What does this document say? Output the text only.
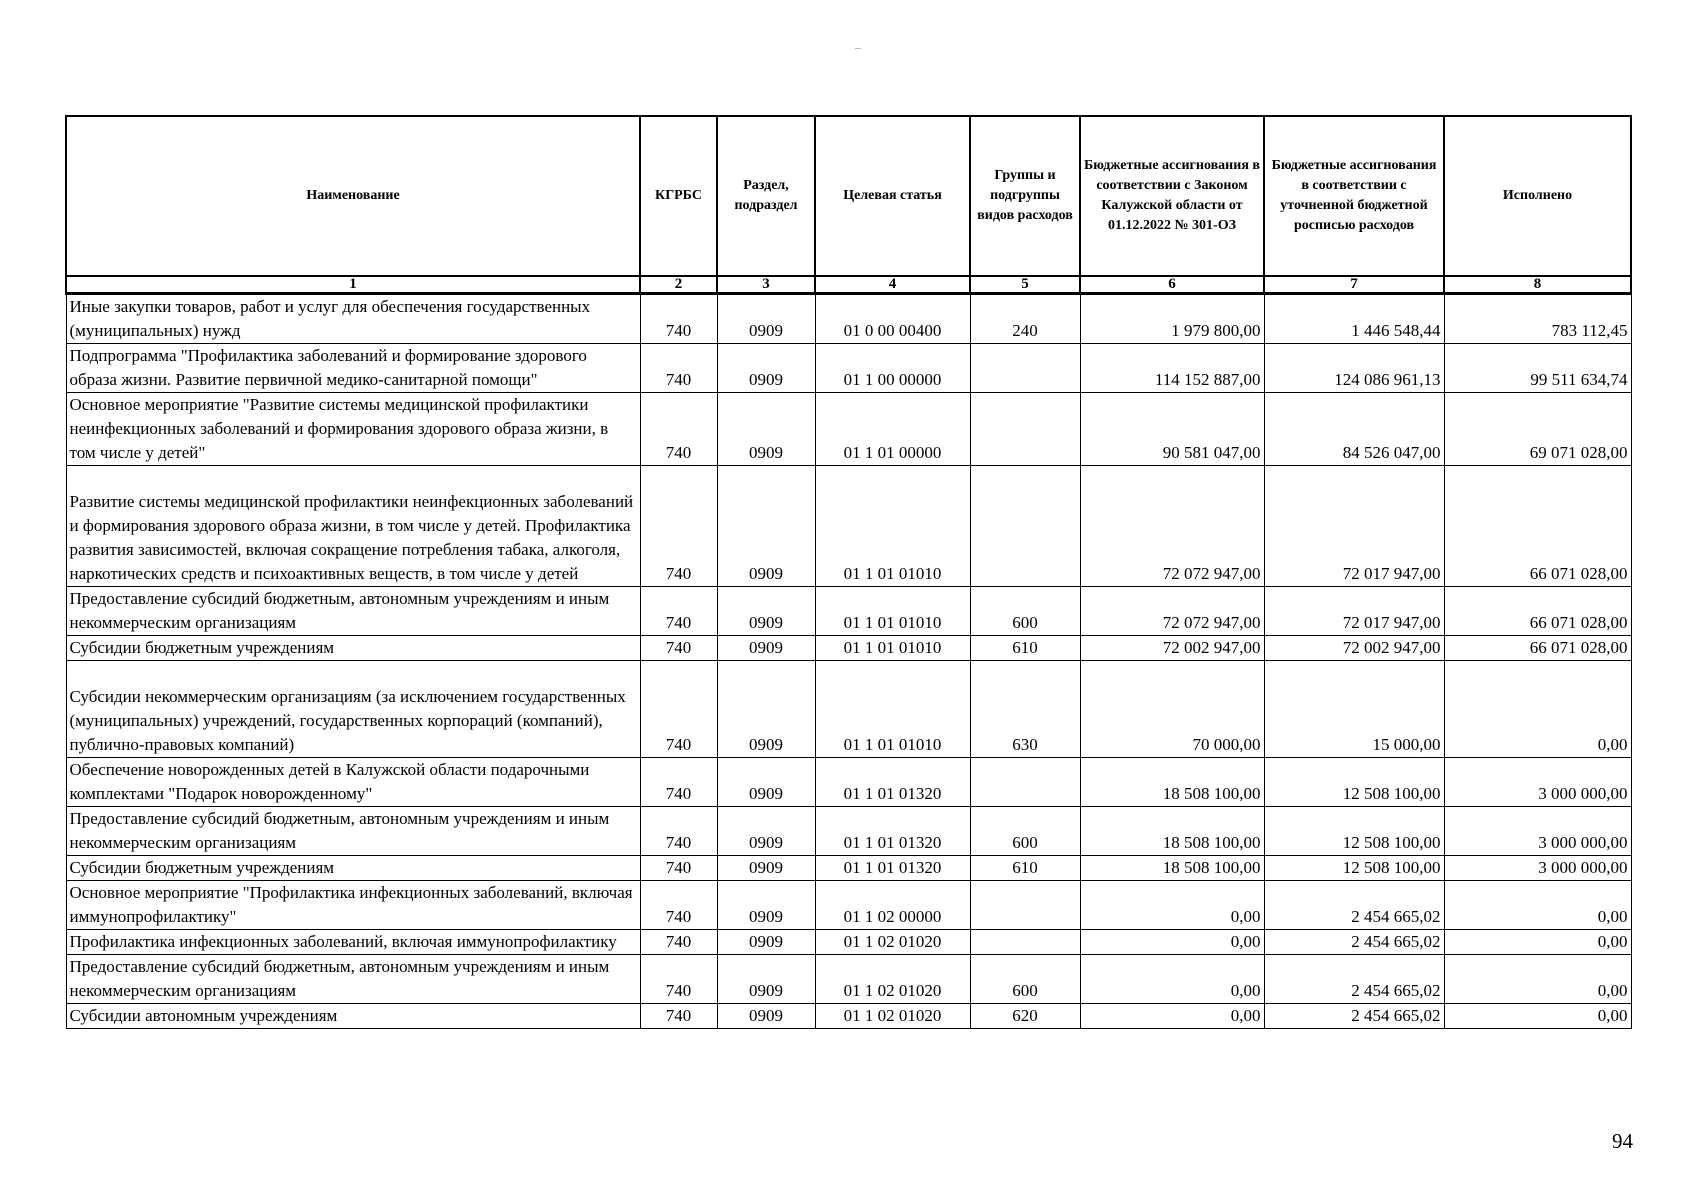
Наименование	КГРБС	Раздел, подраздел	Целевая статья	Группы и подгруппы видов расходов	Бюджетные ассигнования в соответствии с Законом Калужской области от 01.12.2022 № 301-ОЗ	Бюджетные ассигнования в соответствии с уточненной бюджетной росписью расходов	Исполнено
1	2	3	4	5	6	7	8
Иные закупки товаров, работ и услуг для обеспечения государственных (муниципальных) нужд	740	0909	01 0 00 00400	240	1 979 800,00	1 446 548,44	783 112,45
Подпрограмма "Профилактика заболеваний и формирование здорового образа жизни. Развитие первичной медико-санитарной помощи"	740	0909	01 1 00 00000		114 152 887,00	124 086 961,13	99 511 634,74
Основное мероприятие "Развитие системы медицинской профилактики неинфекционных заболеваний и формирования здорового образа жизни, в том числе у детей"	740	0909	01 1 01 00000		90 581 047,00	84 526 047,00	69 071 028,00
Развитие системы медицинской профилактики неинфекционных заболеваний и формирования здорового образа жизни, в том числе у детей. Профилактика развития зависимостей, включая сокращение потребления табака, алкоголя, наркотических средств и психоактивных веществ, в том числе у детей	740	0909	01 1 01 01010		72 072 947,00	72 017 947,00	66 071 028,00
Предоставление субсидий бюджетным, автономным учреждениям и иным некоммерческим организациям	740	0909	01 1 01 01010	600	72 072 947,00	72 017 947,00	66 071 028,00
Субсидии бюджетным учреждениям	740	0909	01 1 01 01010	610	72 002 947,00	72 002 947,00	66 071 028,00
Субсидии некоммерческим организациям (за исключением государственных (муниципальных) учреждений, государственных корпораций (компаний), публично-правовых компаний)	740	0909	01 1 01 01010	630	70 000,00	15 000,00	0,00
Обеспечение новорожденных детей в Калужской области подарочными комплектами "Подарок новорожденному"	740	0909	01 1 01 01320		18 508 100,00	12 508 100,00	3 000 000,00
Предоставление субсидий бюджетным, автономным учреждениям и иным некоммерческим организациям	740	0909	01 1 01 01320	600	18 508 100,00	12 508 100,00	3 000 000,00
Субсидии бюджетным учреждениям	740	0909	01 1 01 01320	610	18 508 100,00	12 508 100,00	3 000 000,00
Основное мероприятие "Профилактика инфекционных заболеваний, включая иммунопрофилактику"	740	0909	01 1 02 00000		0,00	2 454 665,02	0,00
Профилактика инфекционных заболеваний, включая иммунопрофилактику	740	0909	01 1 02 01020		0,00	2 454 665,02	0,00
Предоставление субсидий бюджетным, автономным учреждениям и иным некоммерческим организациям	740	0909	01 1 02 01020	600	0,00	2 454 665,02	0,00
Субсидии автономным учреждениям	740	0909	01 1 02 01020	620	0,00	2 454 665,02	0,00
94
